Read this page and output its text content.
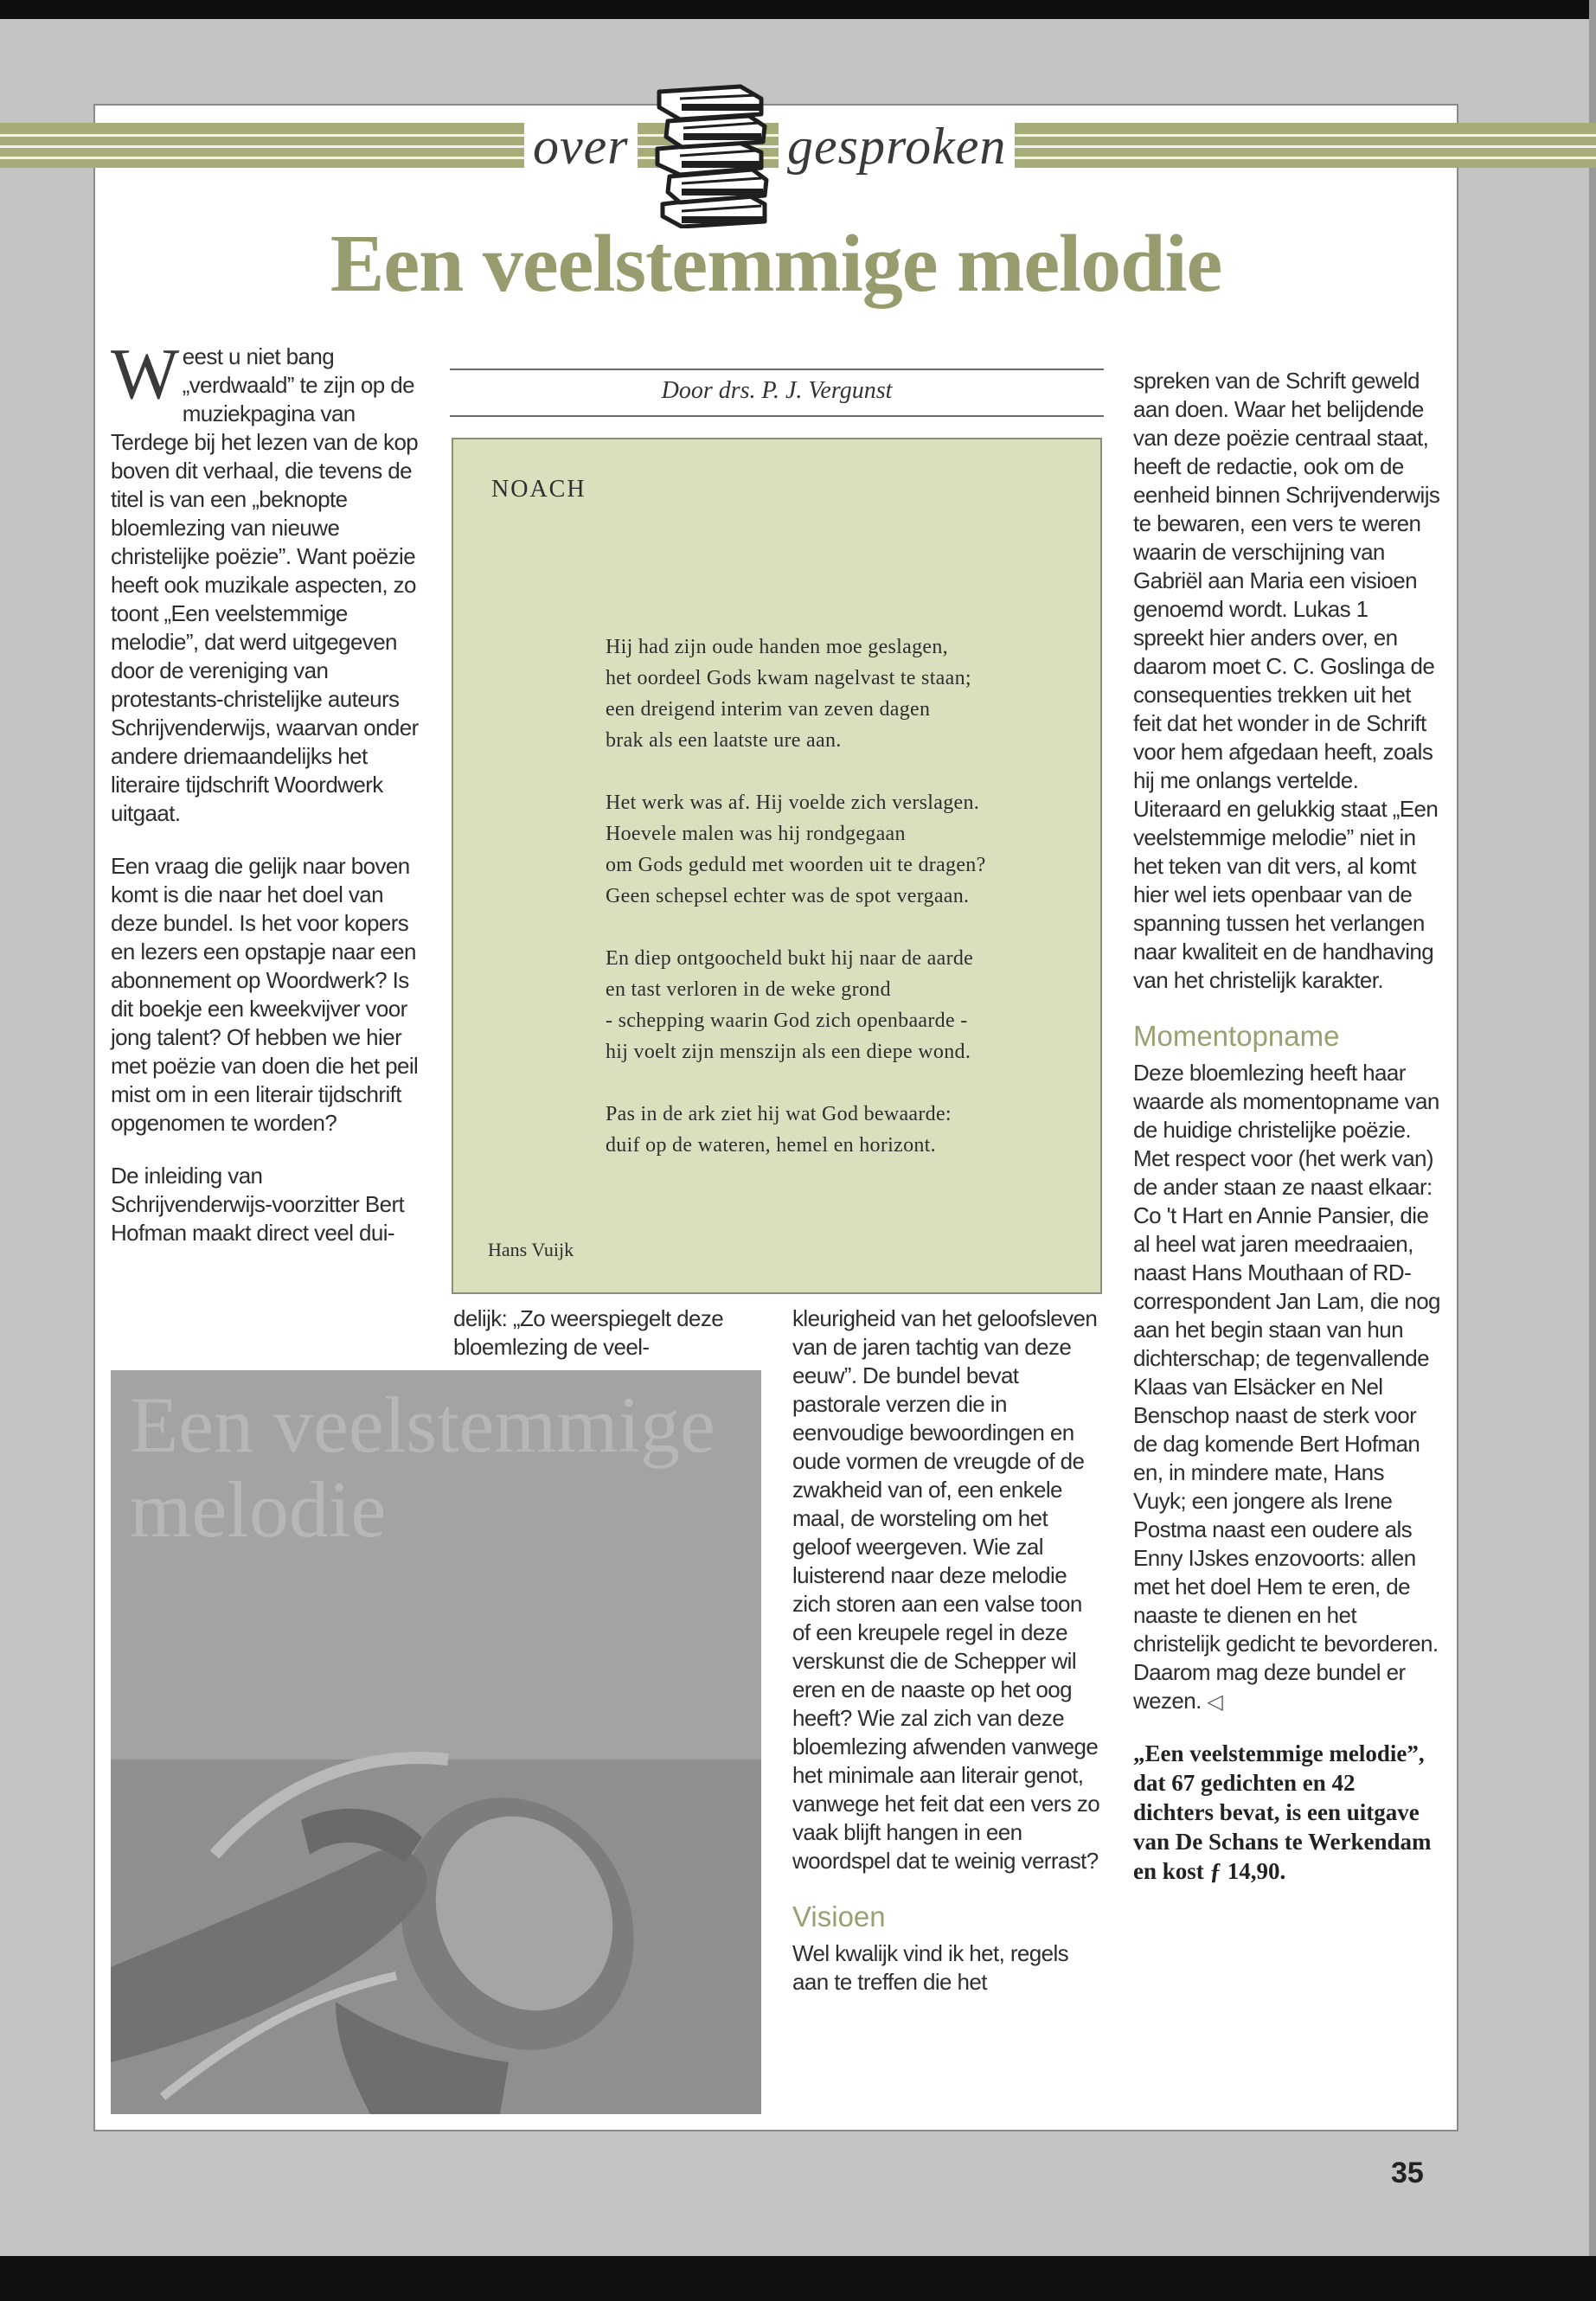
over	gesproken
Een veelstemmige melodie

W eest u niet bang „verdwaald” te zijn op de muziekpagina van Terdege bij het lezen van de kop boven dit verhaal, die tevens de titel is van een „beknopte bloemlezing van nieuwe christelijke poëzie”. Want poëzie heeft ook muzikale aspecten, zo toont „Een veelstemmige melodie”, dat werd uitgegeven door de vereniging van protestants-christelijke auteurs Schrijvenderwijs, waarvan onder andere driemaandelijks het literaire tijdschrift Woordwerk uitgaat.

Een vraag die gelijk naar boven komt is die naar het doel van deze bundel. Is het voor kopers en lezers een opstapje naar een abonnement op Woordwerk? Is dit boekje een kweekvijver voor jong talent? Of hebben we hier met poëzie van doen die het peil mist om in een literair tijdschrift opgenomen te worden?

De inleiding van Schrijvenderwijs-voorzitter Bert Hofman maakt direct veel dui-

Door drs. P. J. Vergunst
NOACH
Hij had zijn oude handen moe geslagen,
het oordeel Gods kwam nagelvast te staan;
een dreigend interim van zeven dagen
brak als een laatste ure aan.
Het werk was af. Hij voelde zich verslagen.
Hoevele malen was hij rondgegaan
om Gods geduld met woorden uit te dragen?
Geen schepsel echter was de spot vergaan.
En diep ontgoocheld bukt hij naar de aarde
en tast verloren in de weke grond
- schepping waarin God zich openbaarde -
hij voelt zijn menszijn als een diepe wond.
Pas in de ark ziet hij wat God bewaarde:
duif op de wateren, hemel en horizont.
Hans Vuijk

delijk: „Zo weerspiegelt deze bloemlezing de veel-

kleurigheid van het geloofsleven van de jaren tachtig van deze eeuw”. De bundel bevat pastorale verzen die in eenvoudige bewoordingen en oude vormen de vreugde of de zwakheid van of, een enkele maal, de worsteling om het geloof weergeven. Wie zal luisterend naar deze melodie zich storen aan een valse toon of een kreupele regel in deze verskunst die de Schepper wil eren en de naaste op het oog heeft? Wie zal zich van deze bloemlezing afwenden vanwege het minimale aan literair genot, vanwege het feit dat een vers zo vaak blijft hangen in een woordspel dat te weinig verrast?

Visioen

Wel kwalijk vind ik het, regels aan te treffen die het

spreken van de Schrift geweld aan doen. Waar het belijdende van deze poëzie centraal staat, heeft de redactie, ook om de eenheid binnen Schrijvenderwijs te bewaren, een vers te weren waarin de verschijning van Gabriël aan Maria een visioen genoemd wordt. Lukas 1 spreekt hier anders over, en daarom moet C. C. Goslinga de consequenties trekken uit het feit dat het wonder in de Schrift voor hem afgedaan heeft, zoals hij me onlangs vertelde.

Uiteraard en gelukkig staat „Een veelstemmige melodie” niet in het teken van dit vers, al komt hier wel iets openbaar van de spanning tussen het verlangen naar kwaliteit en de handhaving van het christelijk karakter.

Momentopname

Deze bloemlezing heeft haar waarde als momentopname van de huidige christelijke poëzie. Met respect voor (het werk van) de ander staan ze naast elkaar: Co 't Hart en Annie Pansier, die al heel wat jaren meedraaien, naast Hans Mouthaan of RD-correspondent Jan Lam, die nog aan het begin staan van hun dichterschap; de tegenvallende Klaas van Elsäcker en Nel Benschop naast de sterk voor de dag komende Bert Hofman en, in mindere mate, Hans Vuyk; een jongere als Irene Postma naast een oudere als Enny IJskes enzovoorts: allen met het doel Hem te eren, de naaste te dienen en het christelijk gedicht te bevorderen. Daarom mag deze bundel er wezen. ◁

„Een veelstemmige melodie”, dat 67 gedichten en 42 dichters bevat, is een uitgave van De Schans te Werkendam en kost ƒ 14,90.

Een veelstemmige melodie
35
